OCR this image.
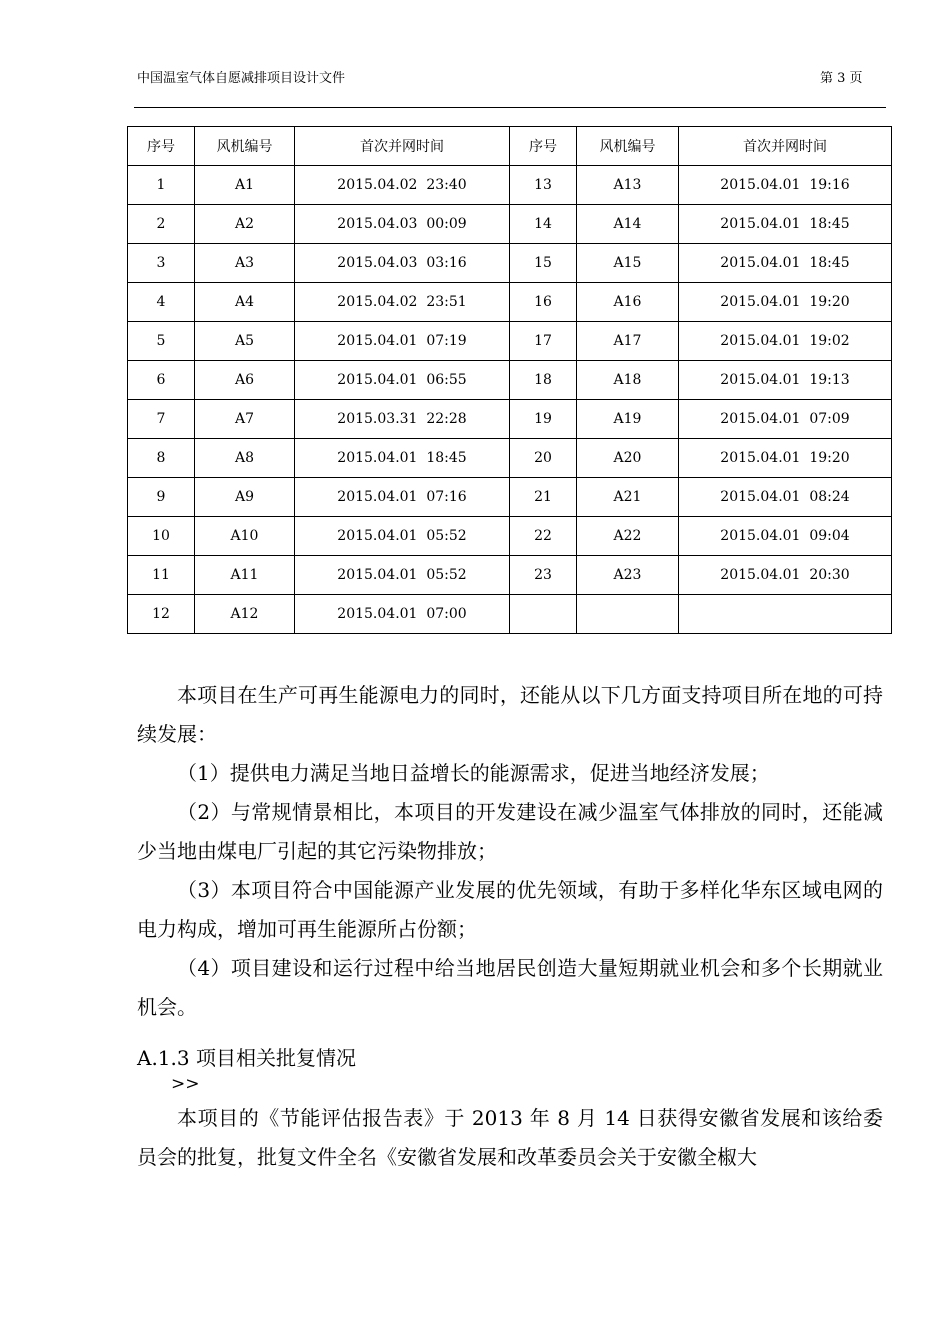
中国温室气体自愿减排项目设计文件	第 3 页
序号	风机编号	首次并网时间	序号	风机编号	首次并网时间
1	A1	2015.04.02  23:40	13	A13	2015.04.01  19:16
2	A2	2015.04.03  00:09	14	A14	2015.04.01  18:45
3	A3	2015.04.03  03:16	15	A15	2015.04.01  18:45
4	A4	2015.04.02  23:51	16	A16	2015.04.01  19:20
5	A5	2015.04.01  07:19	17	A17	2015.04.01  19:02
6	A6	2015.04.01  06:55	18	A18	2015.04.01  19:13
7	A7	2015.03.31  22:28	19	A19	2015.04.01  07:09
8	A8	2015.04.01  18:45	20	A20	2015.04.01  19:20
9	A9	2015.04.01  07:16	21	A21	2015.04.01  08:24
10	A10	2015.04.01  05:52	22	A22	2015.04.01  09:04
11	A11	2015.04.01  05:52	23	A23	2015.04.01  20:30
12	A12	2015.04.01  07:00			

本项目在生产可再生能源电力的同时，还能从以下几方面支持项目所在地的可持续发展：

（1）提供电力满足当地日益增长的能源需求，促进当地经济发展；

（2）与常规情景相比，本项目的开发建设在减少温室气体排放的同时，还能减少当地由煤电厂引起的其它污染物排放；

（3）本项目符合中国能源产业发展的优先领域，有助于多样化华东区域电网的电力构成，增加可再生能源所占份额；

（4）项目建设和运行过程中给当地居民创造大量短期就业机会和多个长期就业机会。

A.1.3 项目相关批复情况
>>

本项目的《节能评估报告表》于 2013 年 8 月 14 日获得安徽省发展和该给委员会的批复，批复文件全名《安徽省发展和改革委员会关于安徽全椒大
